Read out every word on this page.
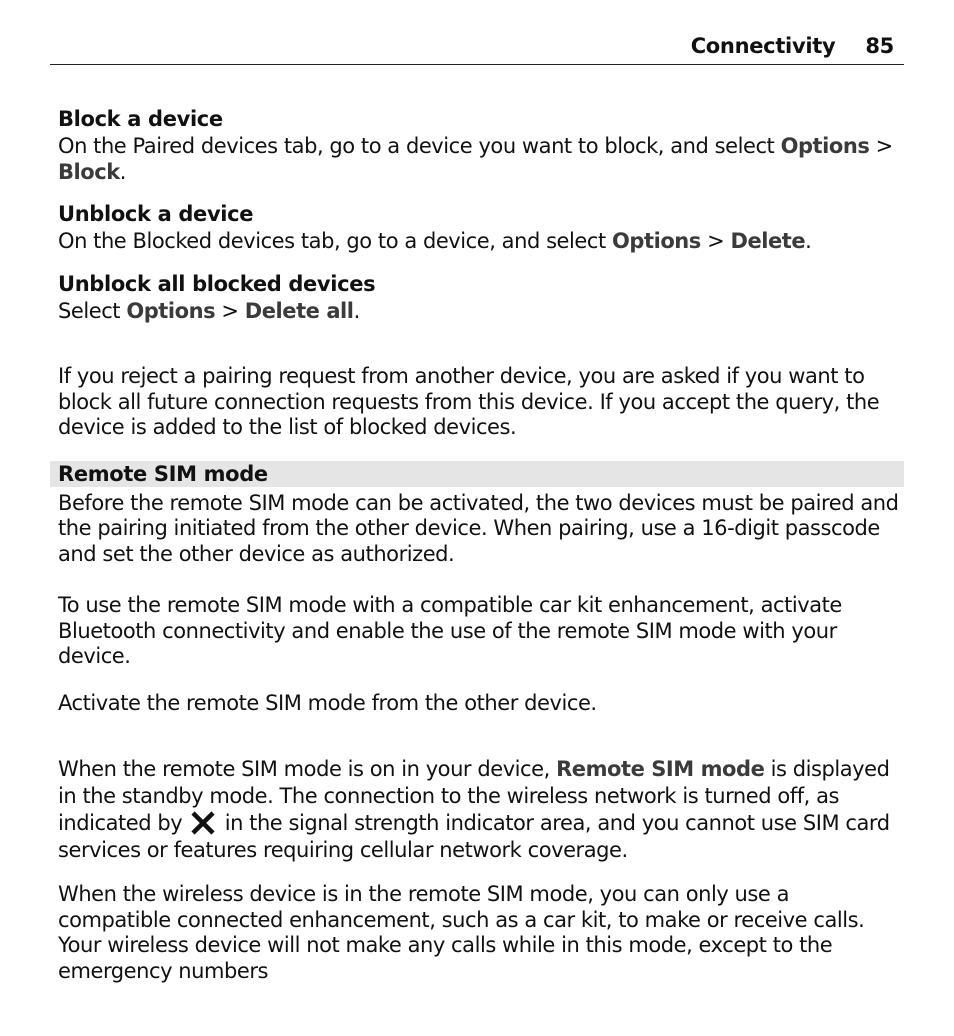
Connectivity 85
Block a device

On the Paired devices tab, go to a device you want to block, and select Options > Block.

Unblock a device

On the Blocked devices tab, go to a device, and select Options > Delete.

Unblock all blocked devices

Select Options > Delete all.

If you reject a pairing request from another device, you are asked if you want to block all future connection requests from this device. If you accept the query, the device is added to the list of blocked devices.

Remote SIM mode

Before the remote SIM mode can be activated, the two devices must be paired and the pairing initiated from the other device. When pairing, use a 16-digit passcode and set the other device as authorized.

To use the remote SIM mode with a compatible car kit enhancement, activate Bluetooth connectivity and enable the use of the remote SIM mode with your device.

Activate the remote SIM mode from the other device.

When the remote SIM mode is on in your device, Remote SIM mode is displayed in the standby mode. The connection to the wireless network is turned off, as indicated by  in the signal strength indicator area, and you cannot use SIM card services or features requiring cellular network coverage.

When the wireless device is in the remote SIM mode, you can only use a compatible connected enhancement, such as a car kit, to make or receive calls. Your wireless device will not make any calls while in this mode, except to the emergency numbers
